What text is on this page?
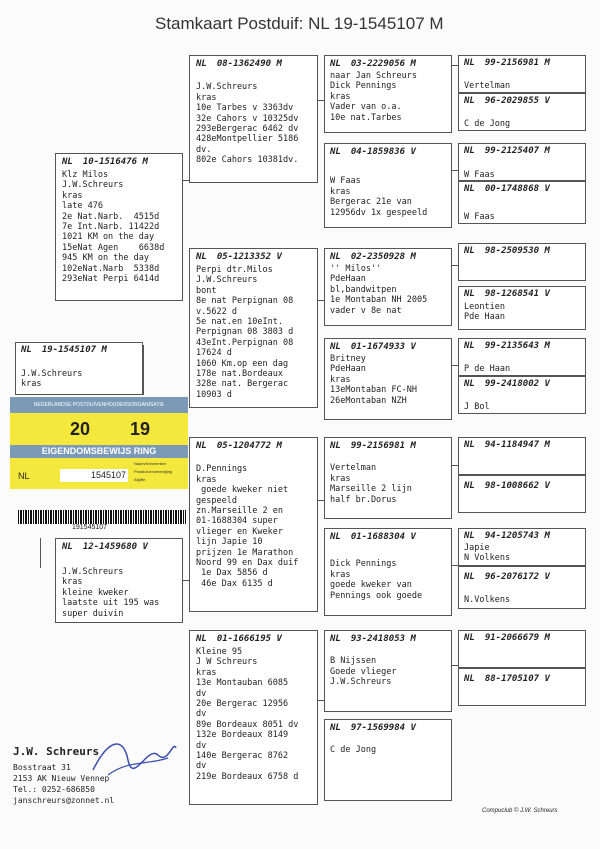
Stamkaart Postduif: NL 19-1545107 M
NL 19-1545107 M
J.W.Schreurs
kras
NL 10-1516476 M
Klz Milos
J.W.Schreurs
kras
late 476
2e Nat.Narb.  4515d
7e Int.Narb. 11422d
1021 KM on the day
15eNat Agen    6638d
945 KM on the day
102eNat.Narb  5338d
293eNat Perpi 6414d
NL 12-1459680 V
J.W.Schreurs
kras
kleine kweker
laatste uit 195 was
super duivin
NL 08-1362490 M

J.W.Schreurs
kras
10e Tarbes v 3363dv
32e Cahors v 10325dv
293eBergerac 6462 dv
428eMontpellier 5186
dv.
802e Cahors 10381dv.
NL 05-1213352 V
Perpi dtr.Milos
J.W.Schreurs
bont
8e nat Perpignan 08
v.5622 d
5e nat.en 10eInt.
Perpignan 08 3803 d
43eInt.Perpignan 08
17624 d
1060 Km.op een dag
178e nat.Bordeaux
328e nat. Bergerac
10903 d
NL 05-1204772 M

D.Pennings
kras
goede kweker niet
gespeeld
zn.Marseille 2 en
01-1688304 super
vlieger en Kweker
lijn Japie 10
prijzen 1e Marathon
Noord 99 en Dax duif
1e Dax 5856 d
46e Dax 6135 d
NL 01-1666195 V
Kleine 95
J W Schreurs
kras
13e Montauban 6085
dv
20e Bergerac 12956
dv
89e Bordeaux 8051 dv
132e Bordeaux 8149
dv
140e Bergerac 8762
dv
219e Bordeaux 6758 d
NL 03-2229056 M
naar Jan Schreurs
Dick Pennings
kras
Vader van o.a.
10e nat.Tarbes
NL 04-1859836 V

W Faas
kras
Bergerac 21e van
12956dv 1x gespeeld
NL 02-2350928 M
'' Milos''
PdeHaan
bl,bandwitpen
1e Montaban NH 2005
vader v 8e nat
NL 01-1674933 V
Britney
PdeHaan
kras
13eMontaban FC-NH
26eMontaban NZH
NL 99-2156981 M

Vertelman
kras
Marseille 2 lijn
half br.Dorus
NL 01-1688304 V

Dick Pennings
kras
goede kweker van
Pennings ook goede
NL 93-2418053 M

B Nijssen
Goede vlieger
J.W.Schreurs
NL 97-1569984 V

C de Jong
NL 99-2156981 M

Vertelman
NL 96-2029855 V

C de Jong
NL 99-2125407 M

W Faas
NL 00-1748868 V

W Faas
NL 98-2509530 M
NL 98-1268541 V
Leontien
Pde Haan
NL 99-2135643 M

P de Haan
NL 99-2418002 V

J Bol
NL 94-1184947 M
NL 98-1008662 V
NL 94-1205743 M
Japie
N Volkens
NL 96-2076172 V

N.Volkens
NL 91-2066679 M
NL 88-1705107 V
NEDERLANDSE POSTDUIVENHOUDERSORGANISATIE
20 19
EIGENDOMSBEWIJS RING
Naam/Kenmerken
Postduivenvereniging
Afgifte
NL	1545107
191545107
J.W. Schreurs
Bosstraat 31
2153 AK Nieuw Vennep
Tel.: 0252-686850
janschreurs@zonnet.nl
Compuclub © J.W. Schreurs
